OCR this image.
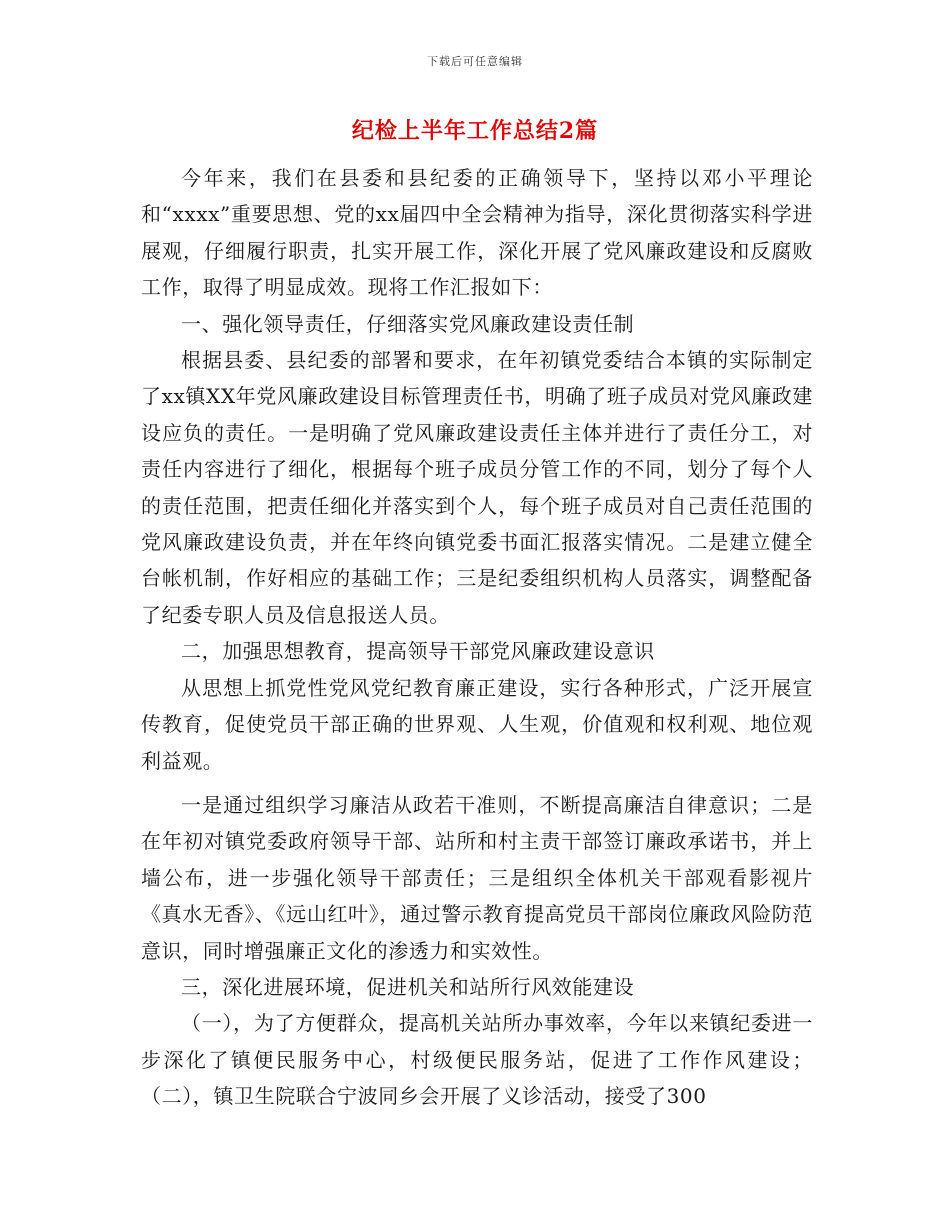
下载后可任意编辑
纪检上半年工作总结2篇

今年来，我们在县委和县纪委的正确领导下，坚持以邓小平理论和“xxxx”重要思想、党的xx届四中全会精神为指导，深化贯彻落实科学进展观，仔细履行职责，扎实开展工作，深化开展了党风廉政建设和反腐败工作，取得了明显成效。现将工作汇报如下：

一、强化领导责任，仔细落实党风廉政建设责任制

根据县委、县纪委的部署和要求，在年初镇党委结合本镇的实际制定了xx镇XX年党风廉政建设目标管理责任书，明确了班子成员对党风廉政建设应负的责任。一是明确了党风廉政建设责任主体并进行了责任分工，对责任内容进行了细化，根据每个班子成员分管工作的不同，划分了每个人的责任范围，把责任细化并落实到个人，每个班子成员对自己责任范围的党风廉政建设负责，并在年终向镇党委书面汇报落实情况。二是建立健全台帐机制，作好相应的基础工作；三是纪委组织机构人员落实，调整配备了纪委专职人员及信息报送人员。

二，加强思想教育，提高领导干部党风廉政建设意识

从思想上抓党性党风党纪教育廉正建设，实行各种形式，广泛开展宣传教育，促使党员干部正确的世界观、人生观，价值观和权利观、地位观利益观。

一是通过组织学习廉洁从政若干准则，不断提高廉洁自律意识；二是在年初对镇党委政府领导干部、站所和村主责干部签订廉政承诺书，并上墙公布，进一步强化领导干部责任；三是组织全体机关干部观看影视片《真水无香》、《远山红叶》，通过警示教育提高党员干部岗位廉政风险防范意识，同时增强廉正文化的渗透力和实效性。

三，深化进展环境，促进机关和站所行风效能建设

（一），为了方便群众，提高机关站所办事效率，今年以来镇纪委进一步深化了镇便民服务中心，村级便民服务站，促进了工作作风建设；（二），镇卫生院联合宁波同乡会开展了义诊活动，接受了300
